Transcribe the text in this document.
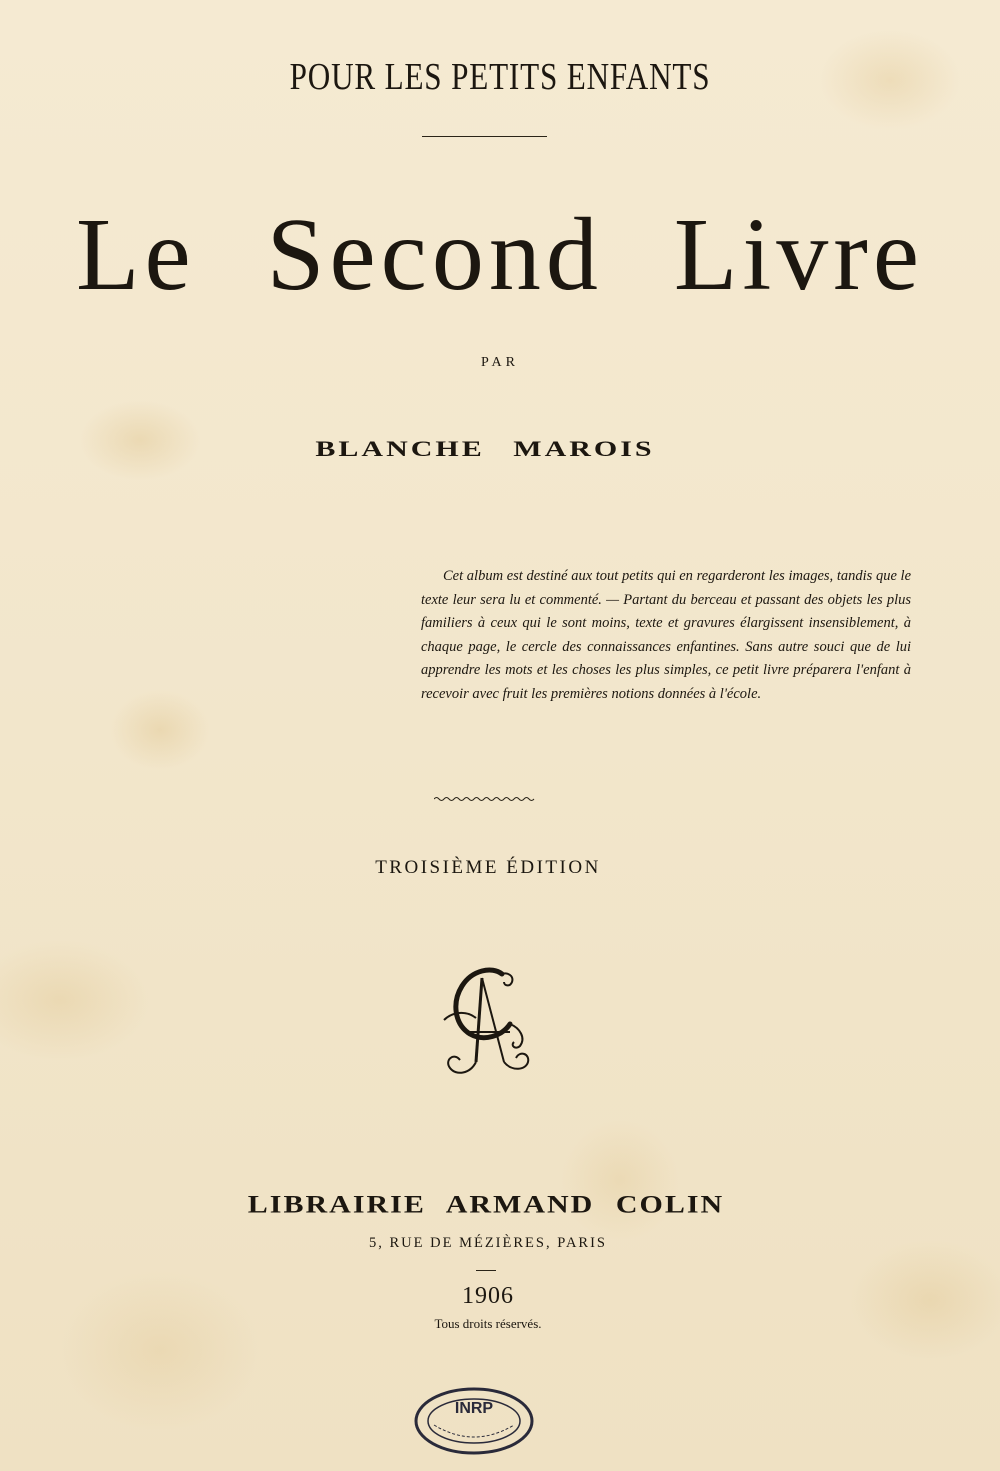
POUR LES PETITS ENFANTS
Le Second Livre
PAR
BLANCHE MAROIS
Cet album est destiné aux tout petits qui en regarderont les images, tandis que le texte leur sera lu et commenté. — Partant du berceau et passant des objets les plus familiers à ceux qui le sont moins, texte et gravures élargissent insensiblement, à chaque page, le cercle des connaissances enfantines. Sans autre souci que de lui apprendre les mots et les choses les plus simples, ce petit livre préparera l'enfant à recevoir avec fruit les premières notions données à l'école.
TROISIÈME ÉDITION
AC
LIBRAIRIE ARMAND COLIN
5, RUE DE MÉZIÈRES, PARIS
1906
Tous droits réservés.
INRP
